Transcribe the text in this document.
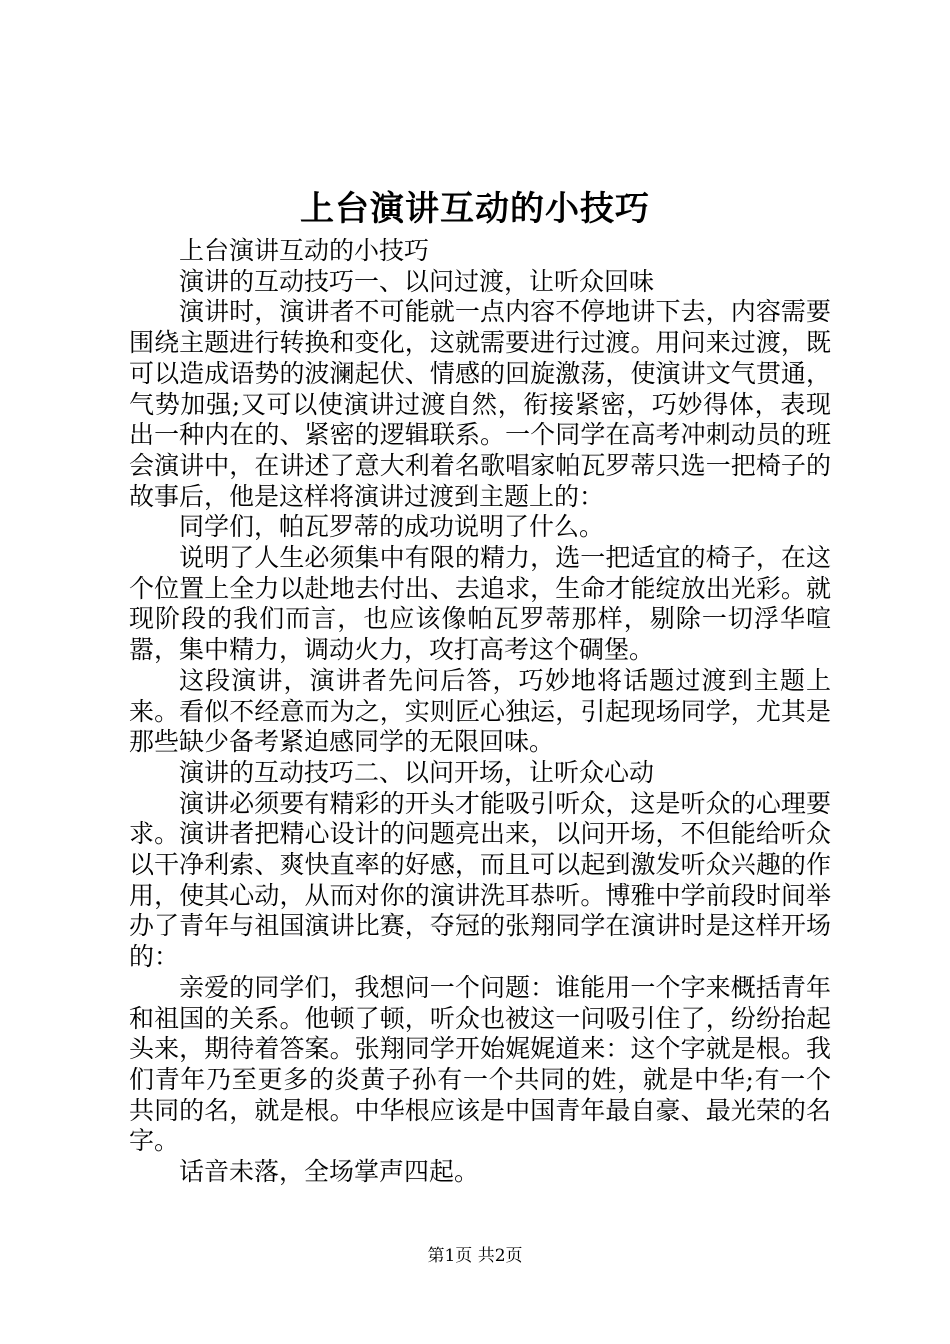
上台演讲互动的小技巧

上台演讲互动的小技巧

演讲的互动技巧一、以问过渡，让听众回味

演讲时，演讲者不可能就一点内容不停地讲下去，内容需要围绕主题进行转换和变化，这就需要进行过渡。用问来过渡，既可以造成语势的波澜起伏、情感的回旋激荡，使演讲文气贯通，气势加强;又可以使演讲过渡自然，衔接紧密，巧妙得体，表现出一种内在的、紧密的逻辑联系。一个同学在高考冲刺动员的班会演讲中，在讲述了意大利着名歌唱家帕瓦罗蒂只选一把椅子的故事后，他是这样将演讲过渡到主题上的：

同学们，帕瓦罗蒂的成功说明了什么。

说明了人生必须集中有限的精力，选一把适宜的椅子，在这个位置上全力以赴地去付出、去追求，生命才能绽放出光彩。就现阶段的我们而言，也应该像帕瓦罗蒂那样，剔除一切浮华喧嚣，集中精力，调动火力，攻打高考这个碉堡。

这段演讲，演讲者先问后答，巧妙地将话题过渡到主题上来。看似不经意而为之，实则匠心独运，引起现场同学，尤其是那些缺少备考紧迫感同学的无限回味。

演讲的互动技巧二、以问开场，让听众心动

演讲必须要有精彩的开头才能吸引听众，这是听众的心理要求。演讲者把精心设计的问题亮出来，以问开场，不但能给听众以干净利索、爽快直率的好感，而且可以起到激发听众兴趣的作用，使其心动，从而对你的演讲洗耳恭听。博雅中学前段时间举办了青年与祖国演讲比赛，夺冠的张翔同学在演讲时是这样开场的：

亲爱的同学们，我想问一个问题：谁能用一个字来概括青年和祖国的关系。他顿了顿，听众也被这一问吸引住了，纷纷抬起头来，期待着答案。张翔同学开始娓娓道来：这个字就是根。我们青年乃至更多的炎黄子孙有一个共同的姓，就是中华;有一个共同的名，就是根。中华根应该是中国青年最自豪、最光荣的名字。

话音未落，全场掌声四起。

第1页 共2页
